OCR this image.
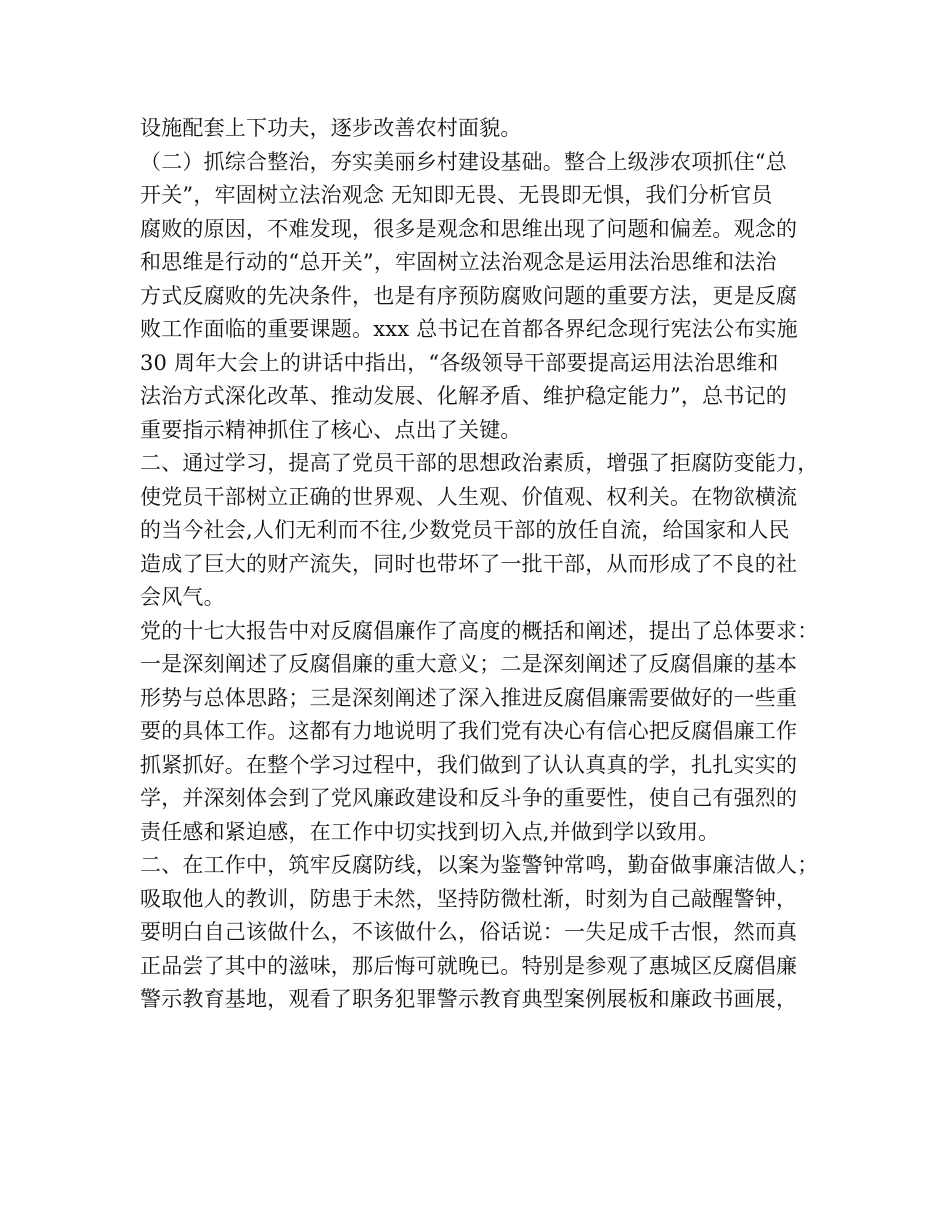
设施配套上下功夫，逐步改善农村面貌。
（二）抓综合整治，夯实美丽乡村建设基础。整合上级涉农项抓住“总
开关”，牢固树立法治观念 无知即无畏、无畏即无惧，我们分析官员
腐败的原因，不难发现，很多是观念和思维出现了问题和偏差。观念的
和思维是行动的“总开关”，牢固树立法治观念是运用法治思维和法治
方式反腐败的先决条件，也是有序预防腐败问题的重要方法，更是反腐
败工作面临的重要课题。xxx 总书记在首都各界纪念现行宪法公布实施
30 周年大会上的讲话中指出，“各级领导干部要提高运用法治思维和
法治方式深化改革、推动发展、化解矛盾、维护稳定能力”，总书记的
重要指示精神抓住了核心、点出了关键。
二、通过学习，提高了党员干部的思想政治素质，增强了拒腐防变能力，
使党员干部树立正确的世界观、人生观、价值观、权利关。在物欲横流
的当今社会,人们无利而不往,少数党员干部的放任自流，给国家和人民
造成了巨大的财产流失，同时也带坏了一批干部，从而形成了不良的社
会风气。
党的十七大报告中对反腐倡廉作了高度的概括和阐述，提出了总体要求：
一是深刻阐述了反腐倡廉的重大意义；二是深刻阐述了反腐倡廉的基本
形势与总体思路；三是深刻阐述了深入推进反腐倡廉需要做好的一些重
要的具体工作。这都有力地说明了我们党有决心有信心把反腐倡廉工作
抓紧抓好。在整个学习过程中，我们做到了认认真真的学，扎扎实实的
学，并深刻体会到了党风廉政建设和反斗争的重要性，使自己有强烈的
责任感和紧迫感，在工作中切实找到切入点,并做到学以致用。
二、在工作中，筑牢反腐防线，以案为鉴警钟常鸣，勤奋做事廉洁做人；
吸取他人的教训，防患于未然，坚持防微杜渐，时刻为自己敲醒警钟，
要明白自己该做什么，不该做什么，俗话说：一失足成千古恨，然而真
正品尝了其中的滋味，那后悔可就晚已。特别是参观了惠城区反腐倡廉
警示教育基地，观看了职务犯罪警示教育典型案例展板和廉政书画展，
